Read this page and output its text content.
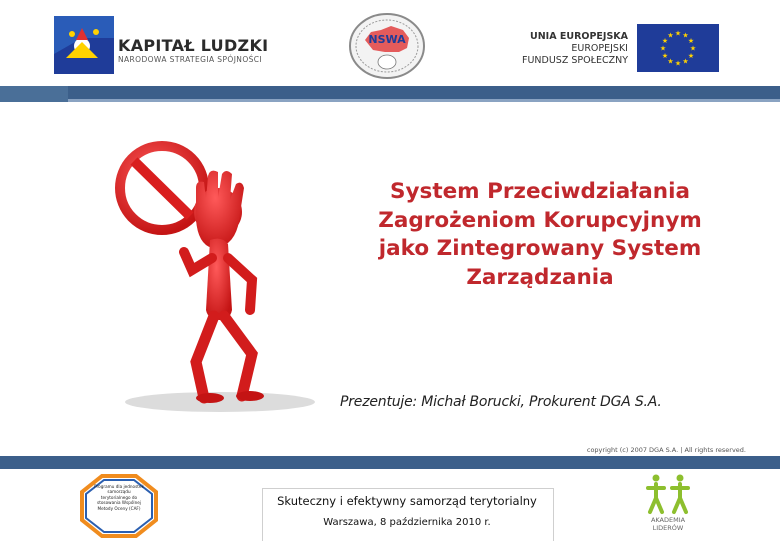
KAPITAŁ LUDZKI
NARODOWA STRATEGIA SPÓJNOŚCI
NSWA	UNIA EUROPEJSKA
EUROPEJSKI
FUNDUSZ SPOŁECZNY
★ ★
★
★
★
★
★
★
★
★
★
★
System Przeciwdziałania
Zagrożeniom Korupcyjnym
jako Zintegrowany System
Zarządzania
Prezentuje: Michał Borucki, Prokurent DGA S.A.
copyright (c) 2007 DGA S.A. | All rights reserved.
Programu dla jednostek samorządu terytorialnego do stosowania Wspólnej Metody Oceny (CAF)
Skuteczny i efektywny samorząd terytorialny
Warszawa, 8 października 2010 r.	AKADEMIA
LIDERÓW
